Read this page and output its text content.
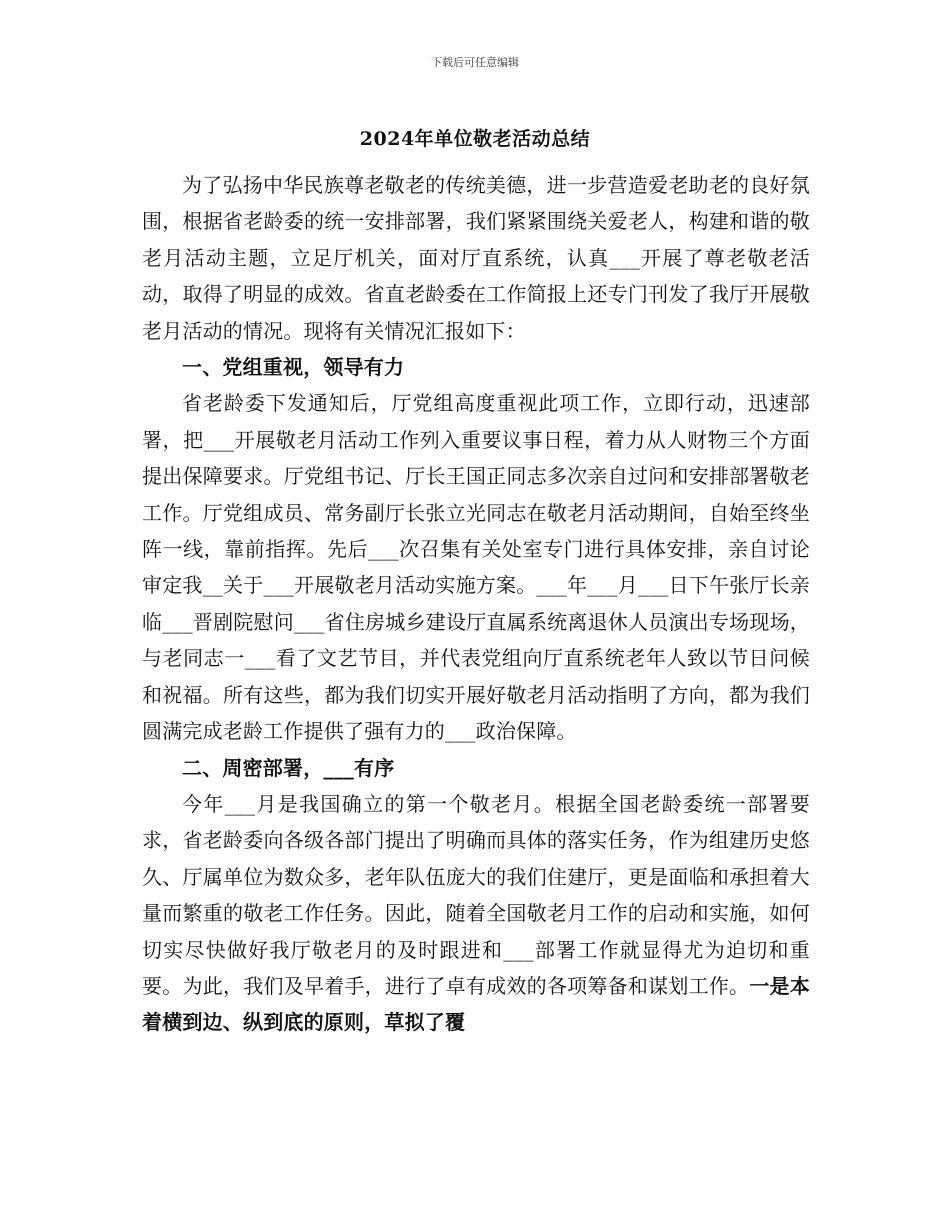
下载后可任意编辑
2024年单位敬老活动总结

为了弘扬中华民族尊老敬老的传统美德，进一步营造爱老助老的良好氛围，根据省老龄委的统一安排部署，我们紧紧围绕关爱老人，构建和谐的敬老月活动主题，立足厅机关，面对厅直系统，认真___开展了尊老敬老活动，取得了明显的成效。省直老龄委在工作简报上还专门刊发了我厅开展敬老月活动的情况。现将有关情况汇报如下：

一、党组重视，领导有力

省老龄委下发通知后，厅党组高度重视此项工作，立即行动，迅速部署，把___开展敬老月活动工作列入重要议事日程，着力从人财物三个方面提出保障要求。厅党组书记、厅长王国正同志多次亲自过问和安排部署敬老工作。厅党组成员、常务副厅长张立光同志在敬老月活动期间，自始至终坐阵一线，靠前指挥。先后___次召集有关处室专门进行具体安排，亲自讨论审定我__关于___开展敬老月活动实施方案。___年___月___日下午张厅长亲临___晋剧院慰问___省住房城乡建设厅直属系统离退休人员演出专场现场，与老同志一___看了文艺节目，并代表党组向厅直系统老年人致以节日问候和祝福。所有这些，都为我们切实开展好敬老月活动指明了方向，都为我们圆满完成老龄工作提供了强有力的___政治保障。

二、周密部署，___有序

今年___月是我国确立的第一个敬老月。根据全国老龄委统一部署要求，省老龄委向各级各部门提出了明确而具体的落实任务，作为组建历史悠久、厅属单位为数众多，老年队伍庞大的我们住建厅，更是面临和承担着大量而繁重的敬老工作任务。因此，随着全国敬老月工作的启动和实施，如何切实尽快做好我厅敬老月的及时跟进和___部署工作就显得尤为迫切和重要。为此，我们及早着手，进行了卓有成效的各项筹备和谋划工作。一是本着横到边、纵到底的原则，草拟了覆
